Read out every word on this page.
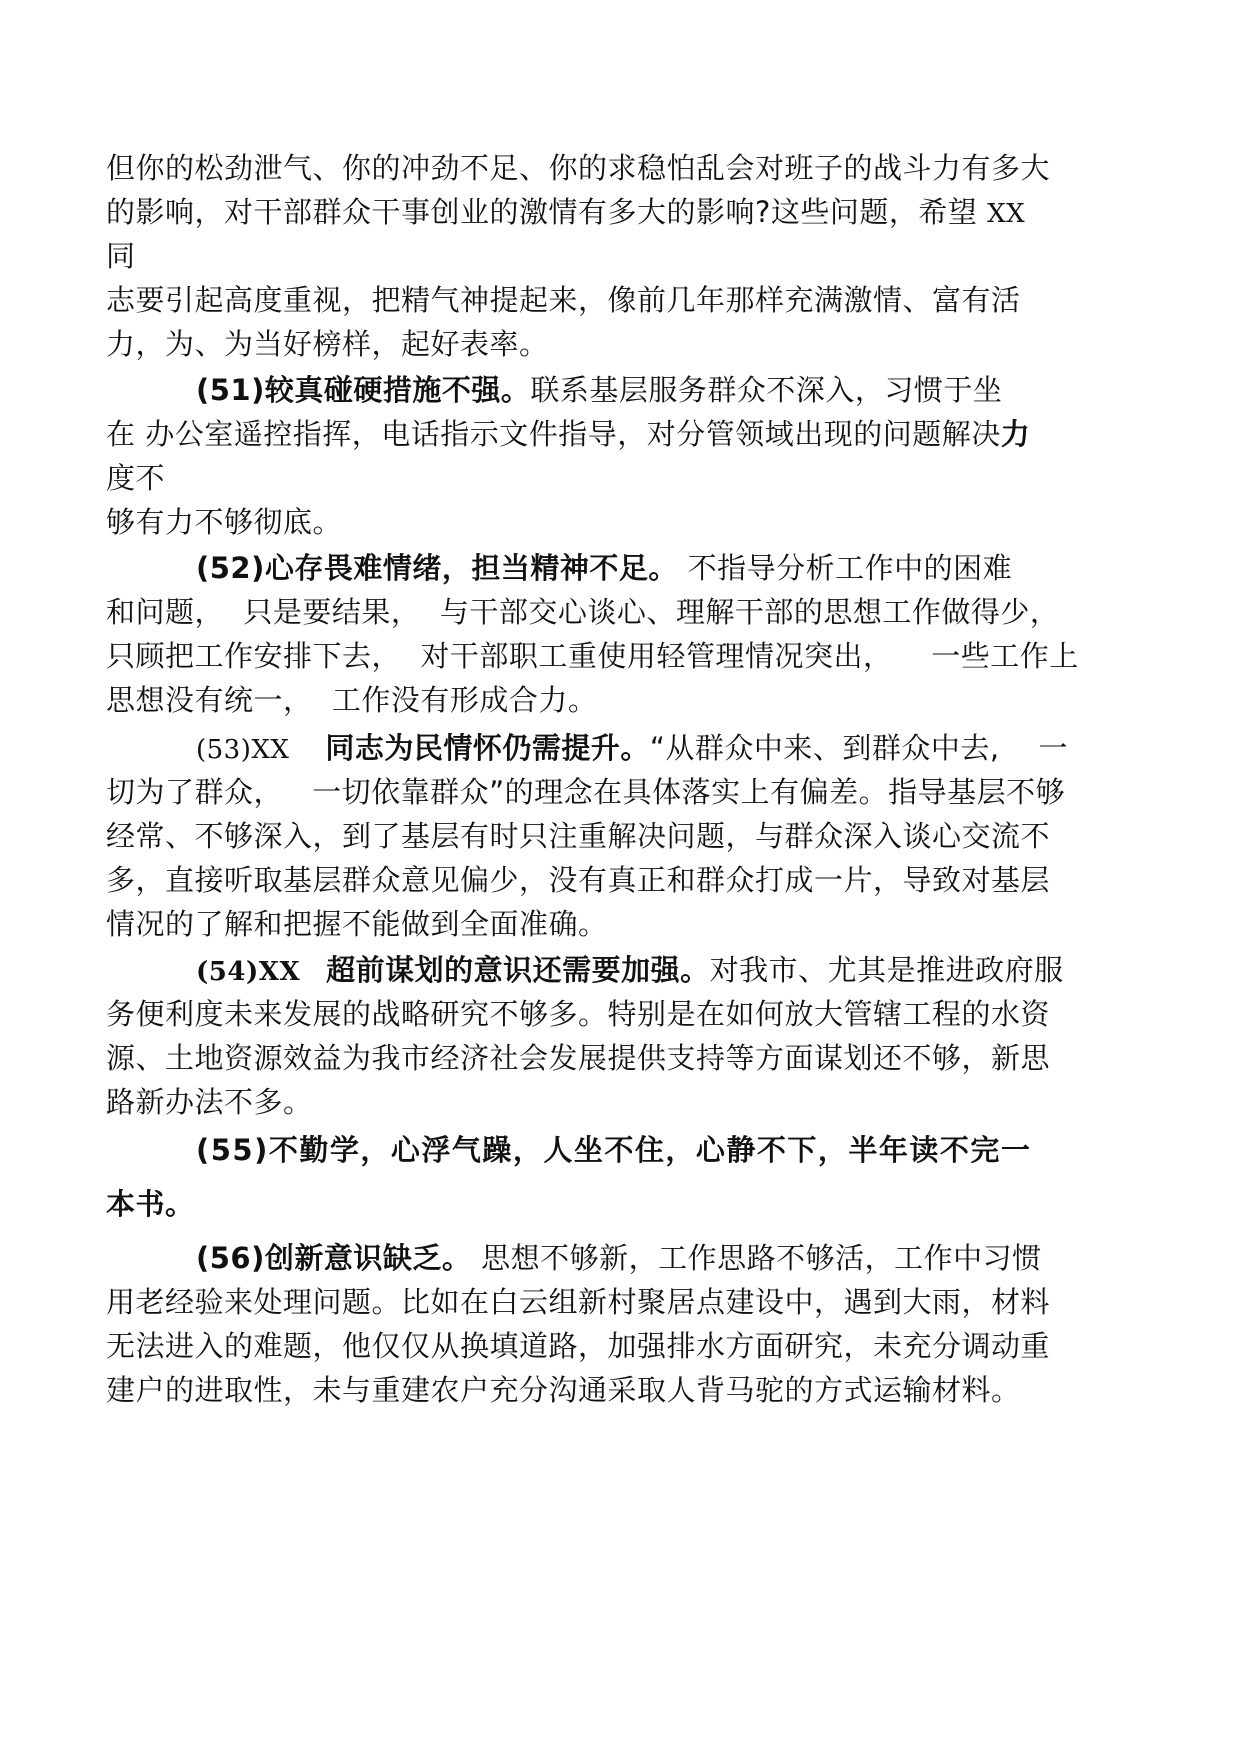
但你的松劲泄气、你的冲劲不足、你的求稳怕乱会对班子的战斗力有多大
的影响，对干部群众干事创业的激情有多大的影响?这些问题，希望 XX
同
志要引起高度重视，把精气神提起来，像前几年那样充满激情、富有活
力，为、为当好榜样，起好表率。
(51)较真碰硬措施不强。联系基层服务群众不深入，习惯于坐
在 办公室遥控指挥，电话指示文件指导，对分管领域出现的问题解决力
度不
够有力不够彻底。
(52)心存畏难情绪，担当精神不足。 不指导分析工作中的困难
和问题，  只是要结果，  与干部交心谈心、理解干部的思想工作做得少，
只顾把工作安排下去，  对干部职工重使用轻管理情况突出，    一些工作上
思想没有统一，  工作没有形成合力。
(53)XX 同志为民情怀仍需提升。“从群众中来、到群众中去,    一
切为了群众，   一切依靠群众”的理念在具体落实上有偏差。指导基层不够
经常、不够深入，到了基层有时只注重解决问题，与群众深入谈心交流不
多，直接听取基层群众意见偏少，没有真正和群众打成一片，导致对基层
情况的了解和把握不能做到全面准确。
(54)XX 超前谋划的意识还需要加强。对我市、尤其是推进政府服
务便利度未来发展的战略研究不够多。特别是在如何放大管辖工程的水资
源、土地资源效益为我市经济社会发展提供支持等方面谋划还不够，新思
路新办法不多。
(55)不勤学，心浮气躁，人坐不住，心静不下，半年读不完一
本书。
(56)创新意识缺乏。 思想不够新，工作思路不够活，工作中习惯
用老经验来处理问题。比如在白云组新村聚居点建设中，遇到大雨，材料
无法进入的难题，他仅仅从换填道路，加强排水方面研究，未充分调动重
建户的进取性，未与重建农户充分沟通采取人背马驼的方式运输材料。
